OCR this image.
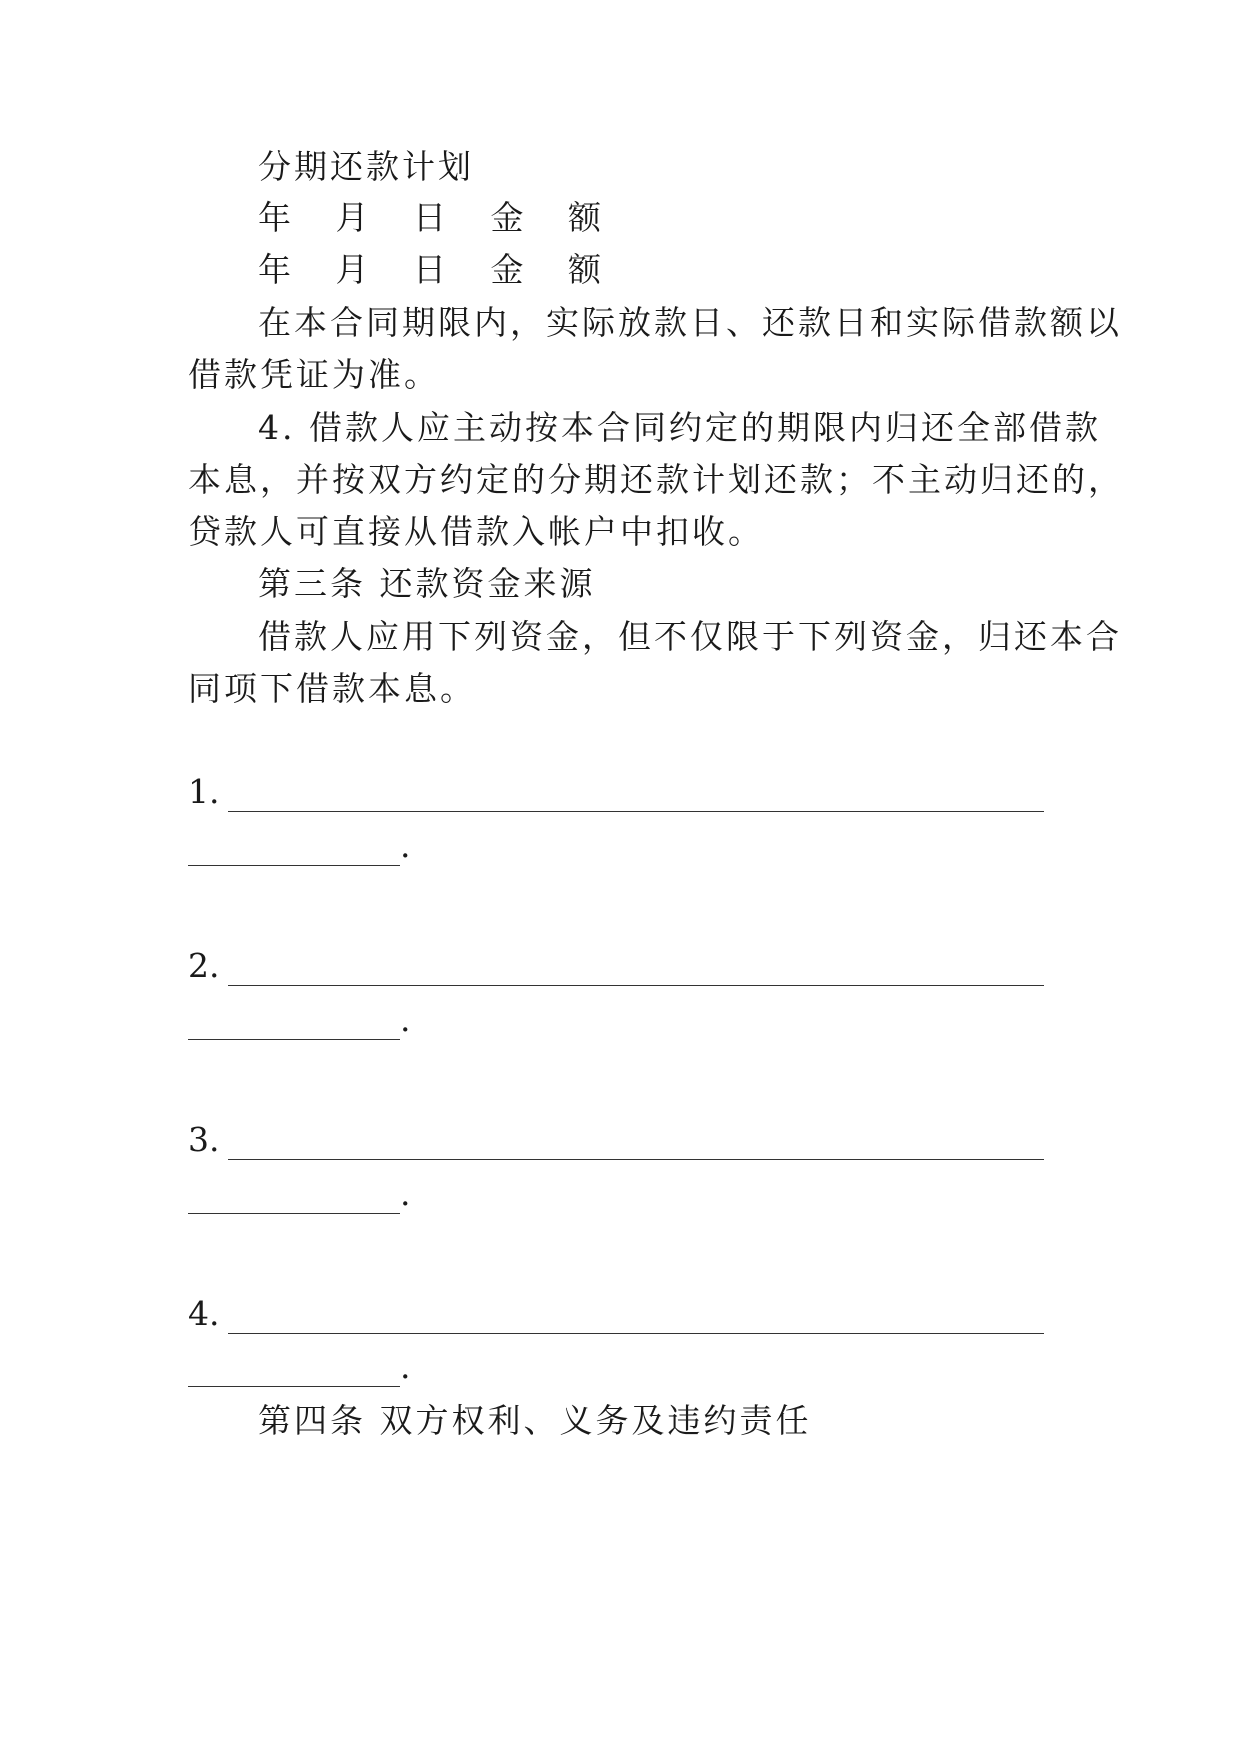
分期还款计划
年 月 日 金 额
年 月 日 金 额
在本合同期限内，实际放款日、还款日和实际借款额以
借款凭证为准。
4. 借款人应主动按本合同约定的期限内归还全部借款
本息，并按双方约定的分期还款计划还款；不主动归还的，
贷款人可直接从借款入帐户中扣收。
第三条 还款资金来源
借款人应用下列资金，但不仅限于下列资金，归还本合
同项下借款本息。
1.
.
2.
.
3.
.
4.
.
第四条 双方权利、义务及违约责任
